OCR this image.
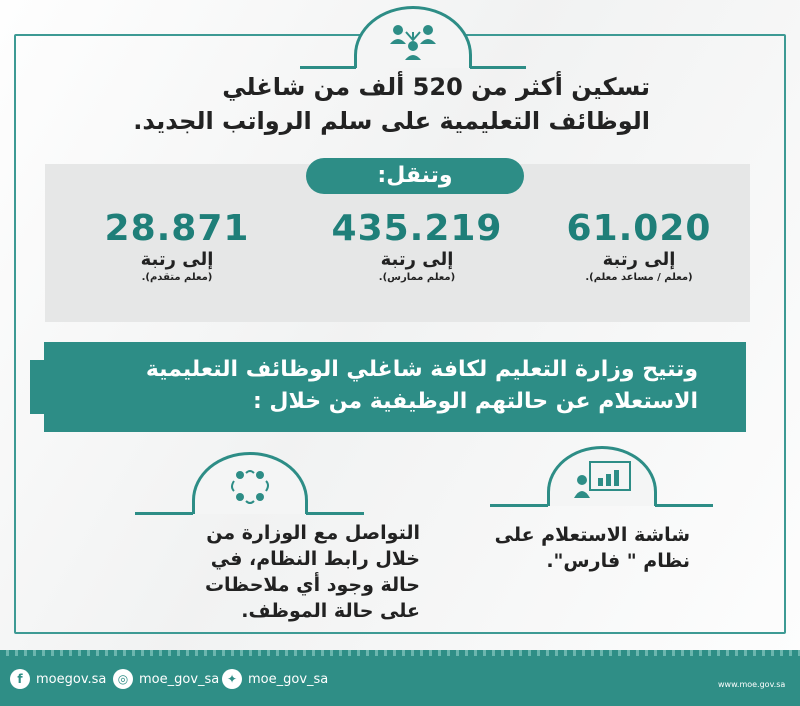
تسكين أكثر من 520 ألف من شاغلي الوظائف التعليمية على سلم الرواتب الجديد.
وتنقل:
61.020
إلى رتبة
(معلم / مساعد معلم).
435.219
إلى رتبة
(معلم ممارس).
28.871
إلى رتبة
(معلم متقدم).
وتتيح وزارة التعليم لكافة شاغلي الوظائف التعليمية الاستعلام عن حالتهم الوظيفية من خلال :
شاشة الاستعلام على نظام " فارس".
التواصل مع الوزارة من خلال رابط النظام، في حالة وجود أي ملاحظات على حالة الموظف.
f	moegov.sa ◎ moe_gov_sa ✦ moe_gov_sa	www.moe.gov.sa
